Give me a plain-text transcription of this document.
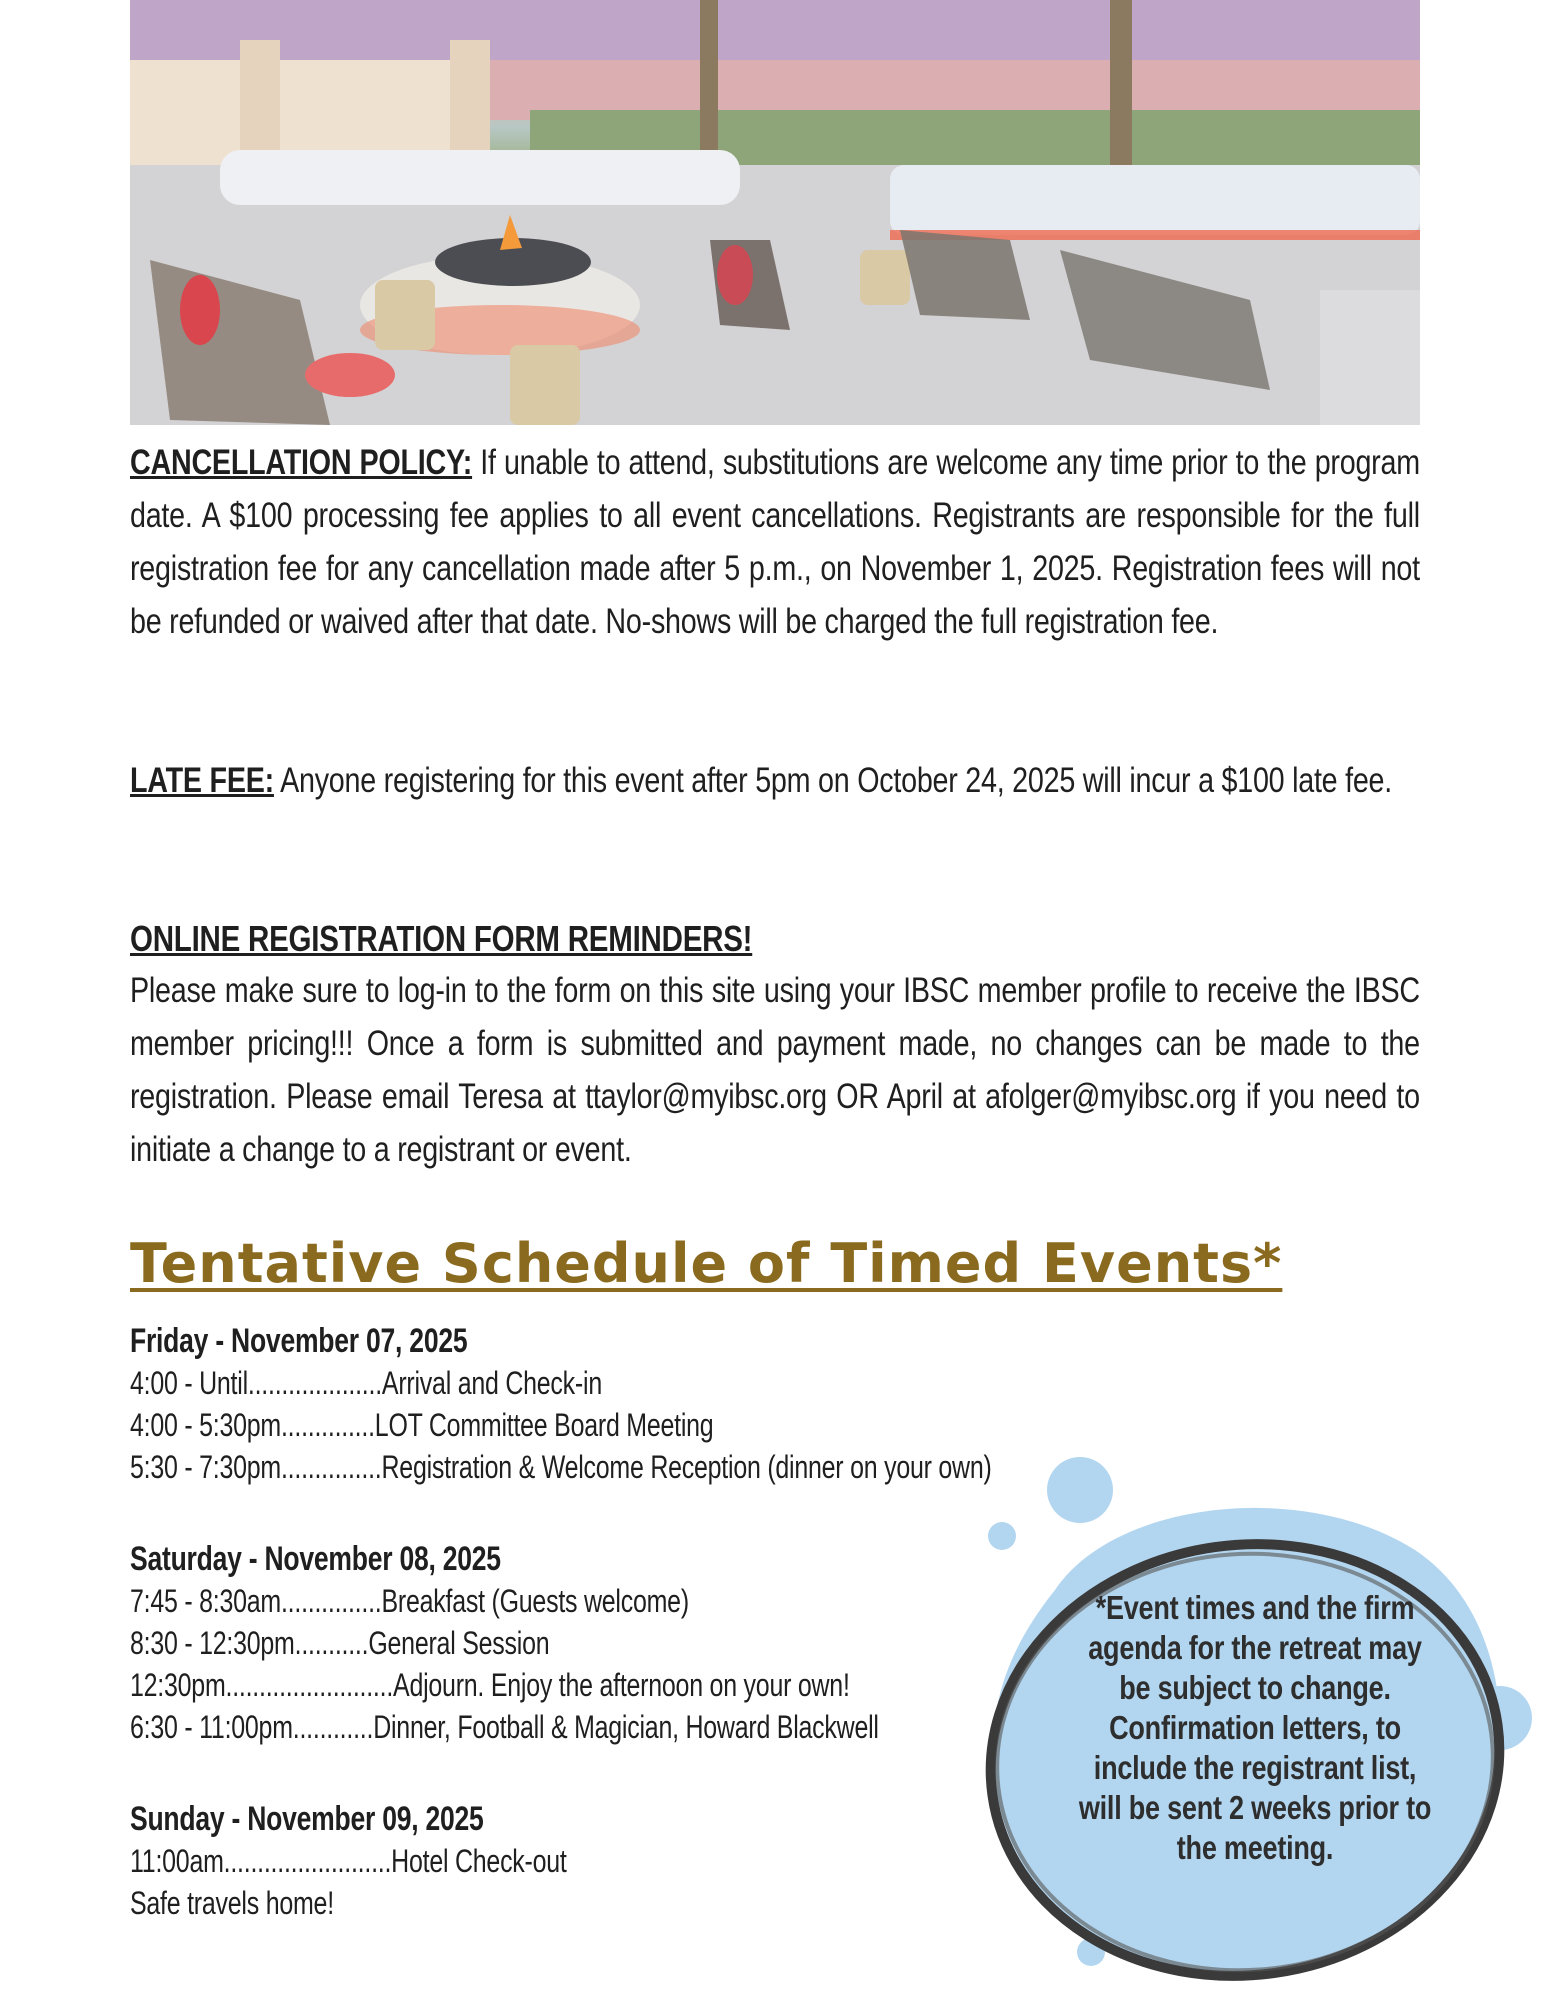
CANCELLATION POLICY: If unable to attend, substitutions are welcome any time prior to the program date. A $100 processing fee applies to all event cancellations. Registrants are responsible for the full registration fee for any cancellation made after 5 p.m., on November 1, 2025. Registration fees will not be refunded or waived after that date. No-shows will be charged the full registration fee.
LATE FEE: Anyone registering for this event after 5pm on October 24, 2025 will incur a $100 late fee.
ONLINE REGISTRATION FORM REMINDERS!
Please make sure to log-in to the form on this site using your IBSC member profile to receive the IBSC member pricing!!! Once a form is submitted and payment made, no changes can be made to the registration. Please email Teresa at ttaylor@myibsc.org OR April at afolger@myibsc.org if you need to initiate a change to a registrant or event.
Tentative Schedule of Timed Events*
Friday - November 07, 2025
4:00 - Until....................Arrival and Check-in
4:00 - 5:30pm..............LOT Committee Board Meeting
5:30 - 7:30pm...............Registration & Welcome Reception (dinner on your own)
Saturday - November 08, 2025
7:45 - 8:30am...............Breakfast (Guests welcome)
8:30 - 12:30pm...........General Session
12:30pm.........................Adjourn. Enjoy the afternoon on your own!
6:30 - 11:00pm............Dinner, Football & Magician, Howard Blackwell
Sunday - November 09, 2025
11:00am.........................Hotel Check-out
Safe travels home!
*Event times and the firm agenda for the retreat may be subject to change. Confirmation letters, to include the registrant list, will be sent 2 weeks prior to the meeting.
